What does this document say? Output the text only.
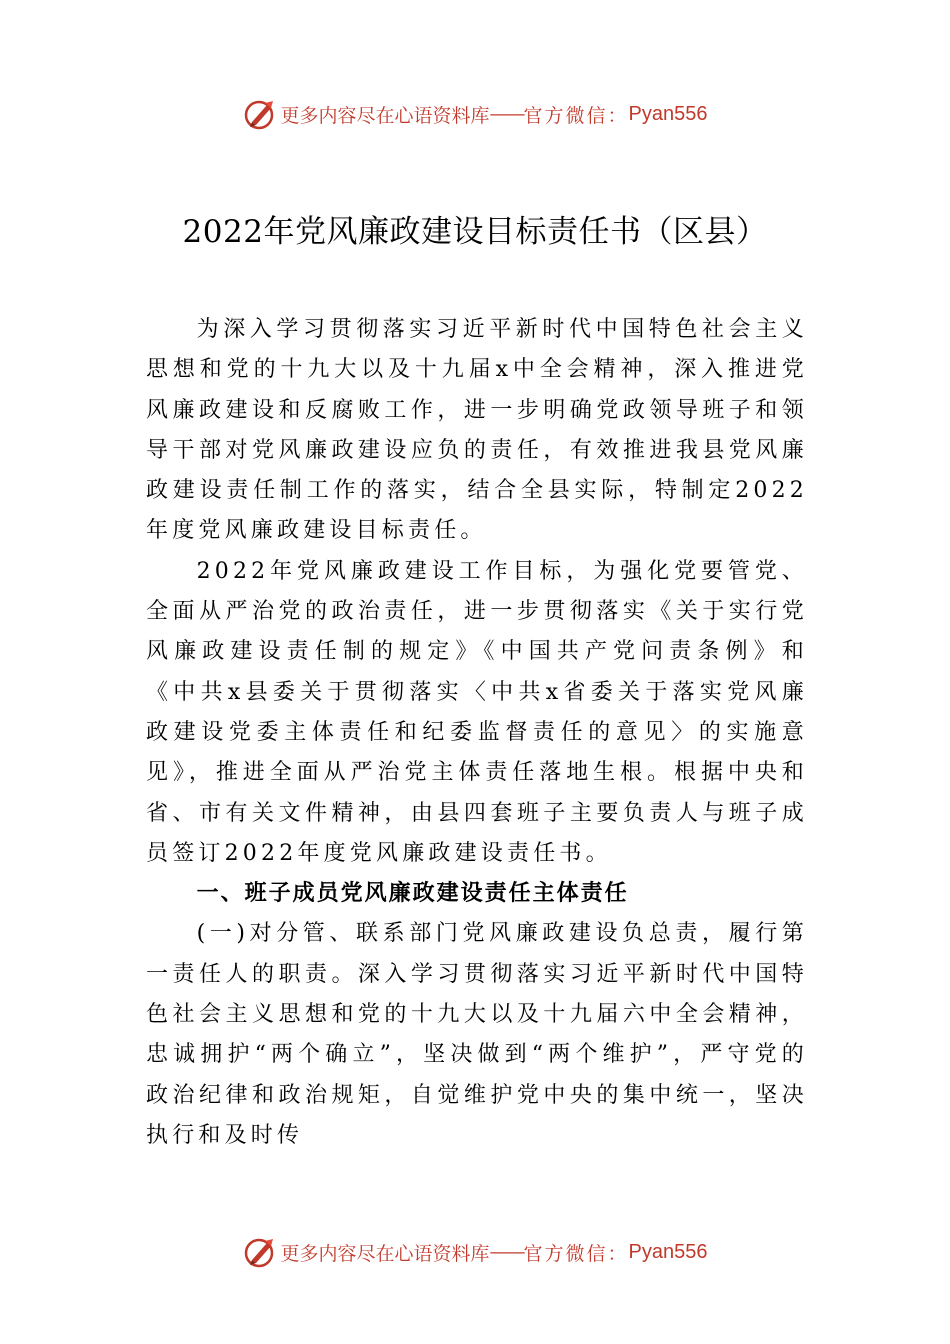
更多内容尽在心语资料库 —— 官方微信： Pyan556
2022年党风廉政建设目标责任书（区县）

为深入学习贯彻落实习近平新时代中国特色社会主义思想和党的十九大以及十九届x中全会精神，深入推进党风廉政建设和反腐败工作，进一步明确党政领导班子和领导干部对党风廉政建设应负的责任，有效推进我县党风廉政建设责任制工作的落实，结合全县实际，特制定2022年度党风廉政建设目标责任。

2022年党风廉政建设工作目标，为强化党要管党、全面从严治党的政治责任，进一步贯彻落实《关于实行党风廉政建设责任制的规定》《中国共产党问责条例》和《中共x县委关于贯彻落实〈中共x省委关于落实党风廉政建设党委主体责任和纪委监督责任的意见〉的实施意见》，推进全面从严治党主体责任落地生根。根据中央和省、市有关文件精神，由县四套班子主要负责人与班子成员签订2022年度党风廉政建设责任书。

一、班子成员党风廉政建设责任主体责任

(一)对分管、联系部门党风廉政建设负总责，履行第一责任人的职责。深入学习贯彻落实习近平新时代中国特色社会主义思想和党的十九大以及十九届六中全会精神，忠诚拥护“两个确立”，坚决做到“两个维护”，严守党的政治纪律和政治规矩，自觉维护党中央的集中统一，坚决执行和及时传

更多内容尽在心语资料库 —— 官方微信： Pyan556
